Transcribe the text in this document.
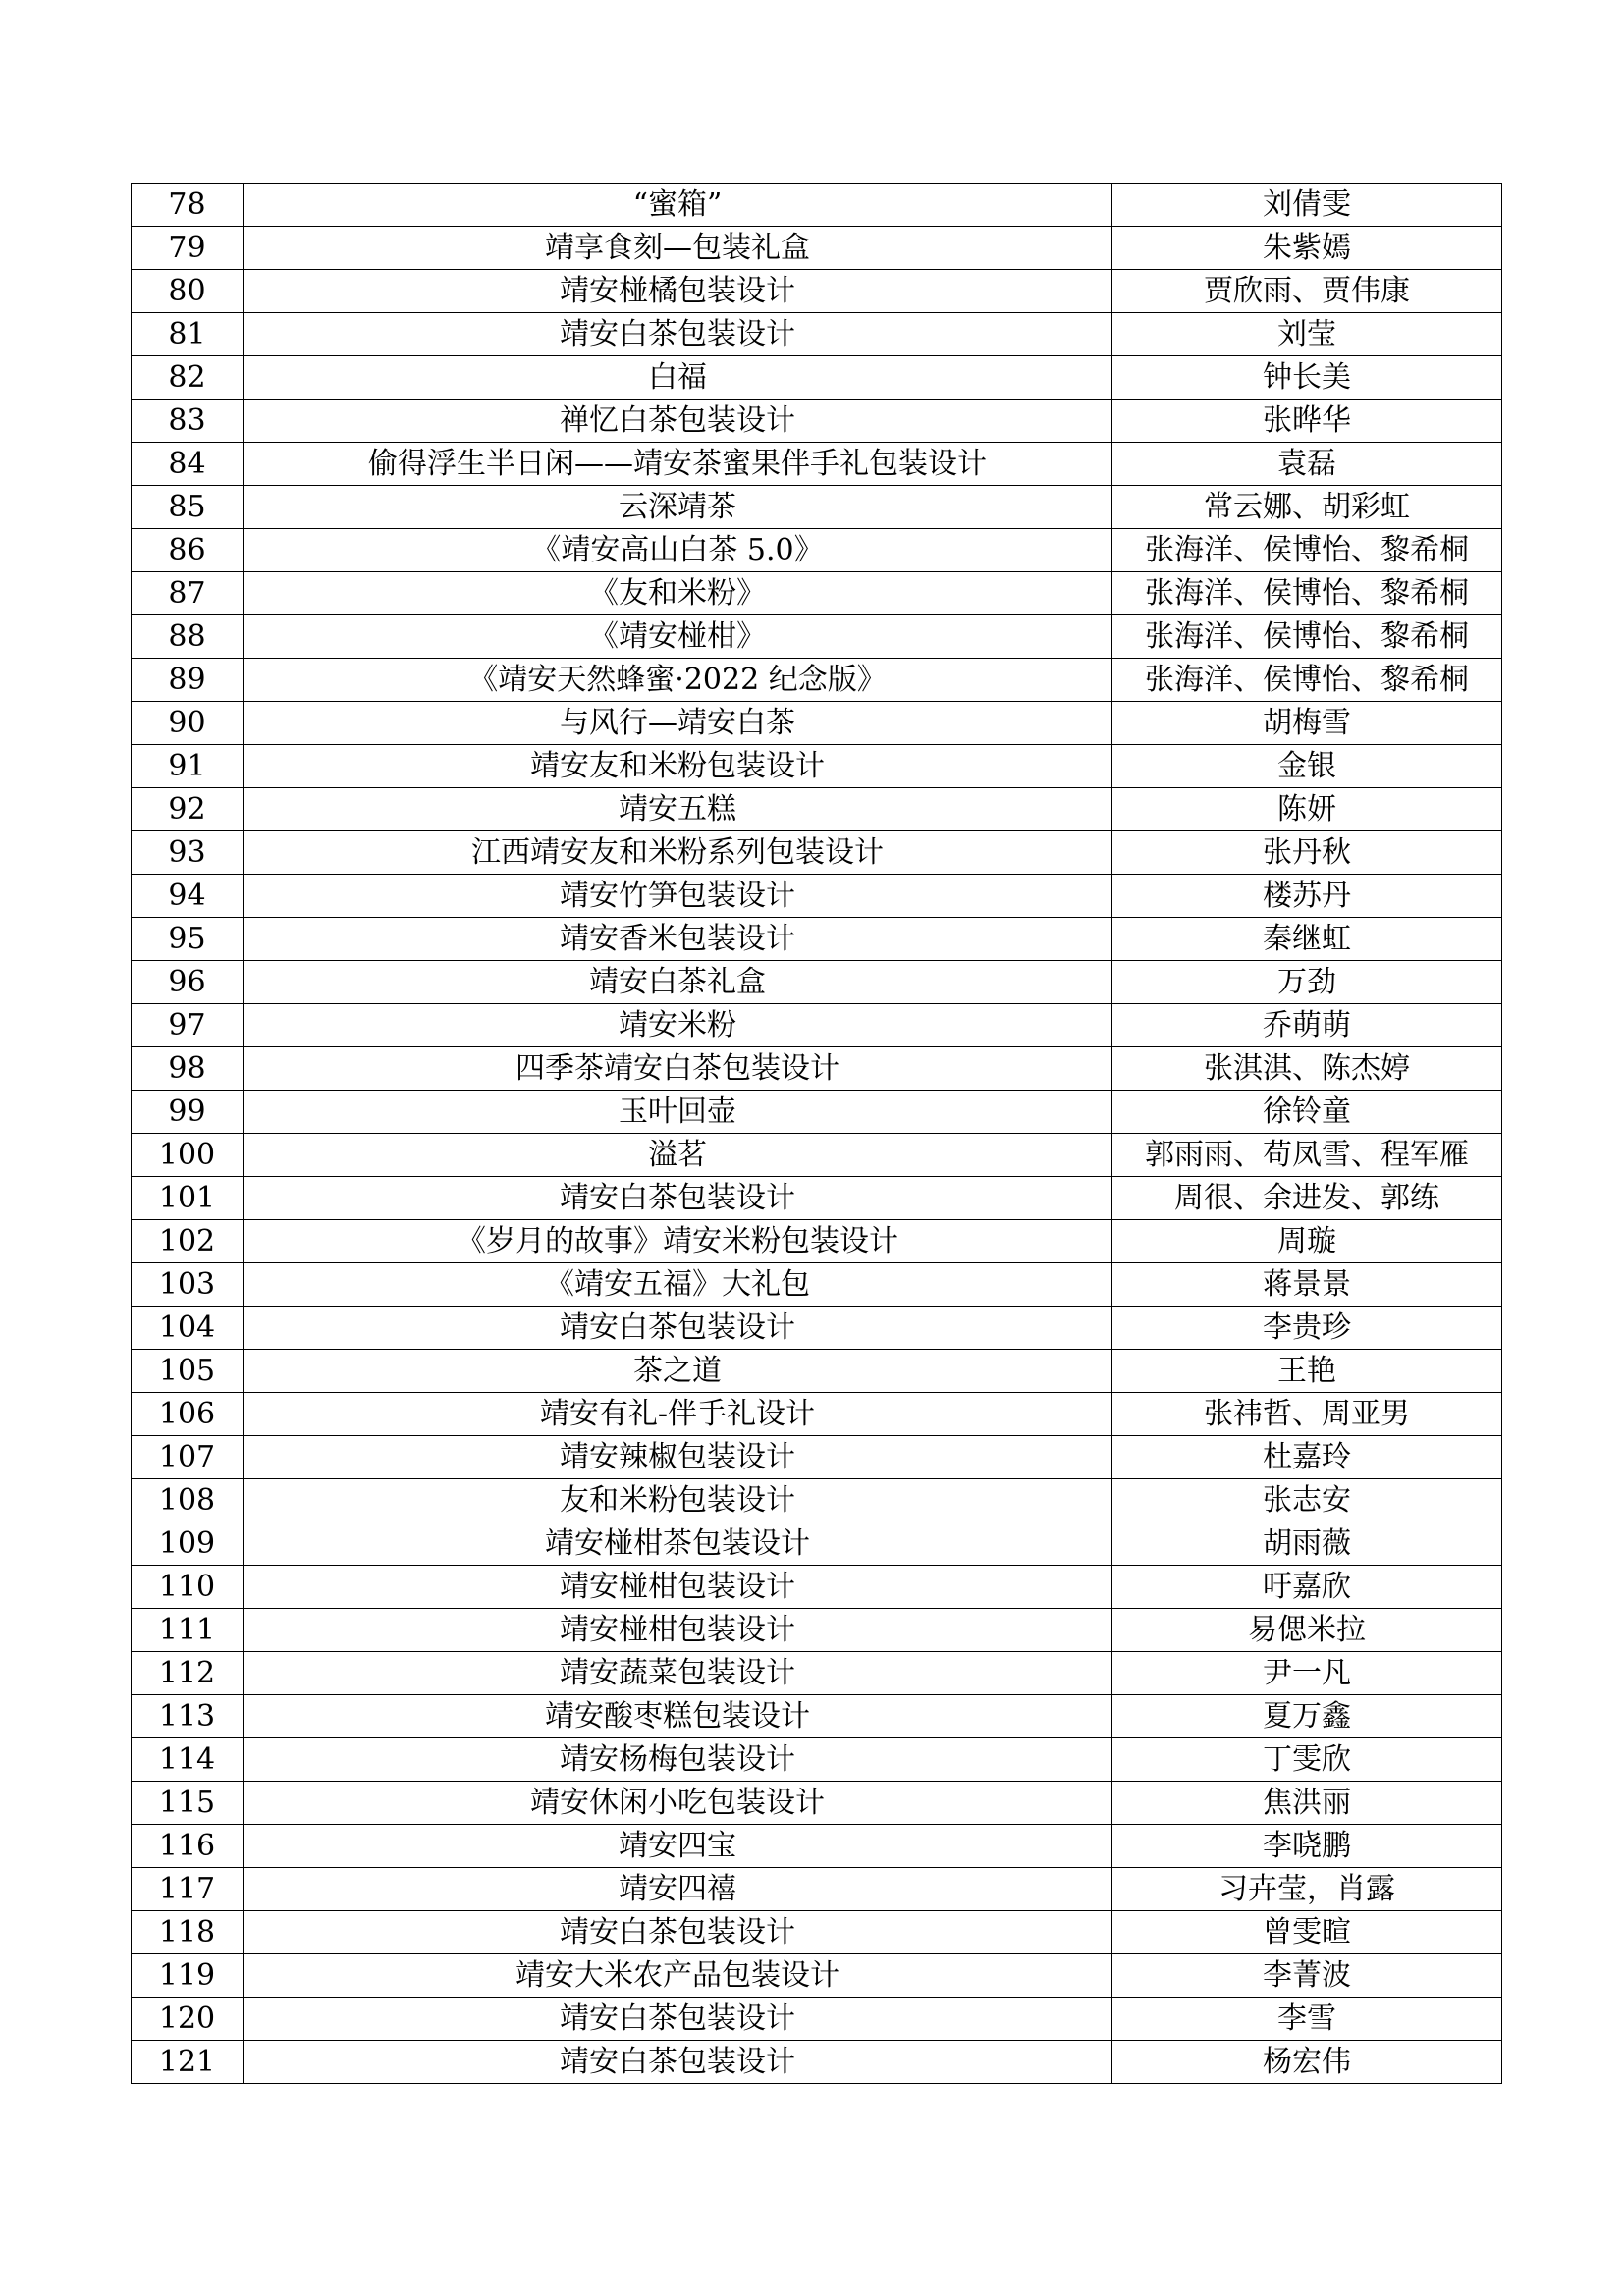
78	“蜜箱”	刘倩雯
79	靖享食刻—包装礼盒	朱紫嫣
80	靖安椪橘包装设计	贾欣雨、贾伟康
81	靖安白茶包装设计	刘莹
82	白福	钟长美
83	禅忆白茶包装设计	张晔华
84	偷得浮生半日闲——靖安茶蜜果伴手礼包装设计	袁磊
85	云深靖茶	常云娜、胡彩虹
86	《靖安高山白茶 5.0》	张海洋、侯博怡、黎希桐
87	《友和米粉》	张海洋、侯博怡、黎希桐
88	《靖安椪柑》	张海洋、侯博怡、黎希桐
89	《靖安天然蜂蜜·2022 纪念版》	张海洋、侯博怡、黎希桐
90	与风行—靖安白茶	胡梅雪
91	靖安友和米粉包装设计	金银
92	靖安五糕	陈妍
93	江西靖安友和米粉系列包装设计	张丹秋
94	靖安竹笋包装设计	楼苏丹
95	靖安香米包装设计	秦继虹
96	靖安白茶礼盒	万劲
97	靖安米粉	乔萌萌
98	四季茶靖安白茶包装设计	张淇淇、陈杰婷
99	玉叶回壶	徐铃童
100	溢茗	郭雨雨、苟凤雪、程军雁
101	靖安白茶包装设计	周很、余进发、郭练
102	《岁月的故事》靖安米粉包装设计	周璇
103	《靖安五福》大礼包	蒋景景
104	靖安白茶包装设计	李贵珍
105	茶之道	王艳
106	靖安有礼-伴手礼设计	张祎哲、周亚男
107	靖安辣椒包装设计	杜嘉玲
108	友和米粉包装设计	张志安
109	靖安椪柑茶包装设计	胡雨薇
110	靖安椪柑包装设计	吁嘉欣
111	靖安椪柑包装设计	易偲米拉
112	靖安蔬菜包装设计	尹一凡
113	靖安酸枣糕包装设计	夏万鑫
114	靖安杨梅包装设计	丁雯欣
115	靖安休闲小吃包装设计	焦洪丽
116	靖安四宝	李晓鹏
117	靖安四禧	习卉莹，肖露
118	靖安白茶包装设计	曾雯暄
119	靖安大米农产品包装设计	李菁波
120	靖安白茶包装设计	李雪
121	靖安白茶包装设计	杨宏伟
